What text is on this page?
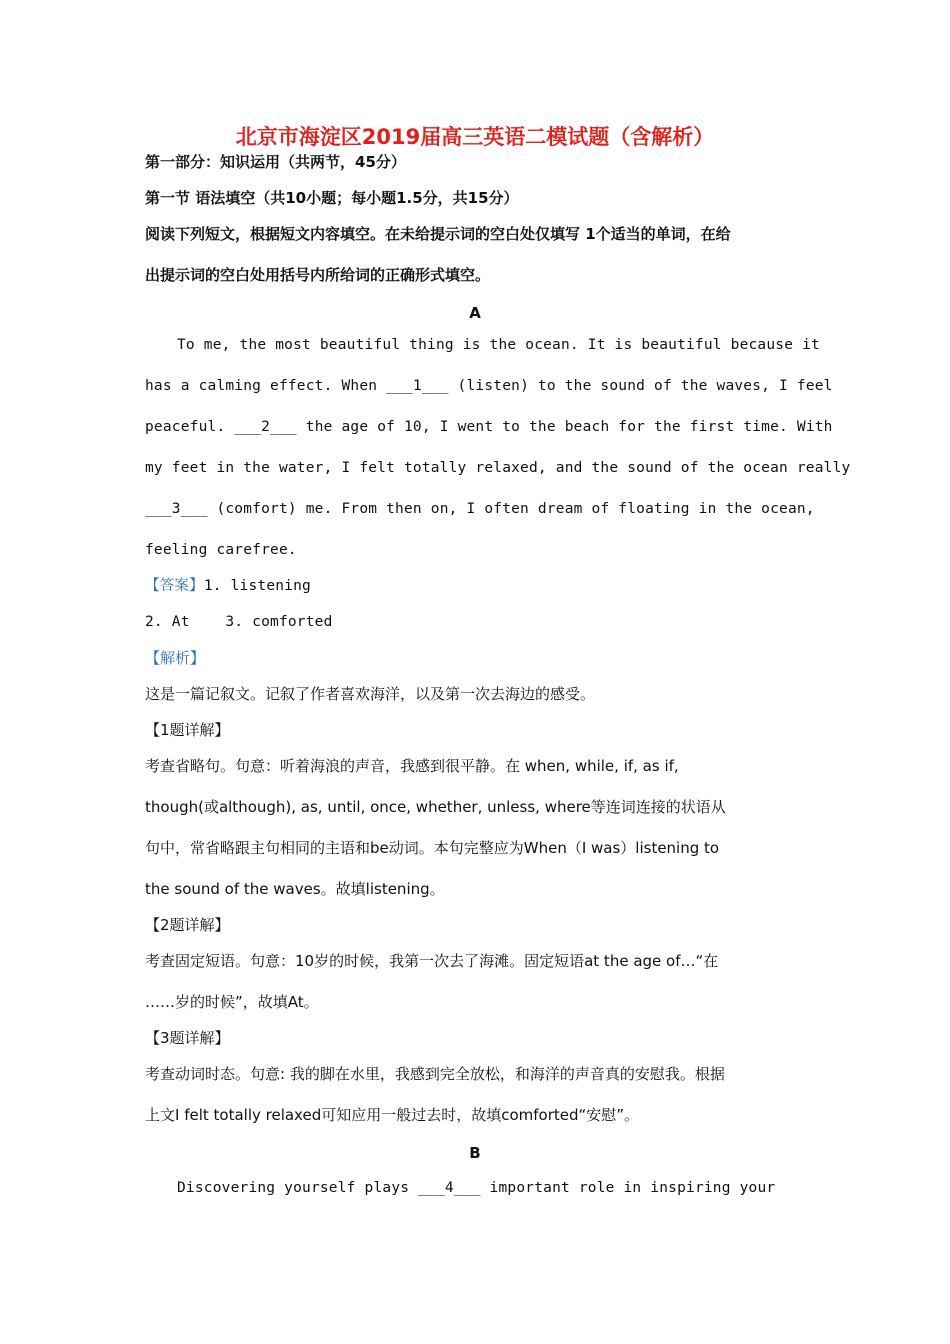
北京市海淀区2019届高三英语二模试题（含解析）
第一部分：知识运用（共两节，45分）
第一节 语法填空（共10小题；每小题1.5分，共15分）
阅读下列短文，根据短文内容填空。在未给提示词的空白处仅填写 1个适当的单词，在给
出提示词的空白处用括号内所给词的正确形式填空。
A
To me, the most beautiful thing is the ocean. It is beautiful because it
has a calming effect. When ___1___ (listen) to the sound of the waves, I feel
peaceful. ___2___ the age of 10, I went to the beach for the first time. With
my feet in the water, I felt totally relaxed, and the sound of the ocean really
___3___ (comfort) me. From then on, I often dream of floating in the ocean,
feeling carefree.
【答案】1. listening
2. At    3. comforted
【解析】
这是一篇记叙文。记叙了作者喜欢海洋，以及第一次去海边的感受。
【1题详解】
考查省略句。句意：听着海浪的声音，我感到很平静。在 when, while, if, as if,
though(或although), as, until, once, whether, unless, where等连词连接的状语从
句中，常省略跟主句相同的主语和be动词。本句完整应为When（I was）listening to
the sound of the waves。故填listening。
【2题详解】
考查固定短语。句意：10岁的时候，我第一次去了海滩。固定短语at the age of…“在
……岁的时候”，故填At。
【3题详解】
考查动词时态。句意: 我的脚在水里，我感到完全放松，和海洋的声音真的安慰我。根据
上文I felt totally relaxed可知应用一般过去时，故填comforted“安慰”。
B
Discovering yourself plays ___4___ important role in inspiring your
